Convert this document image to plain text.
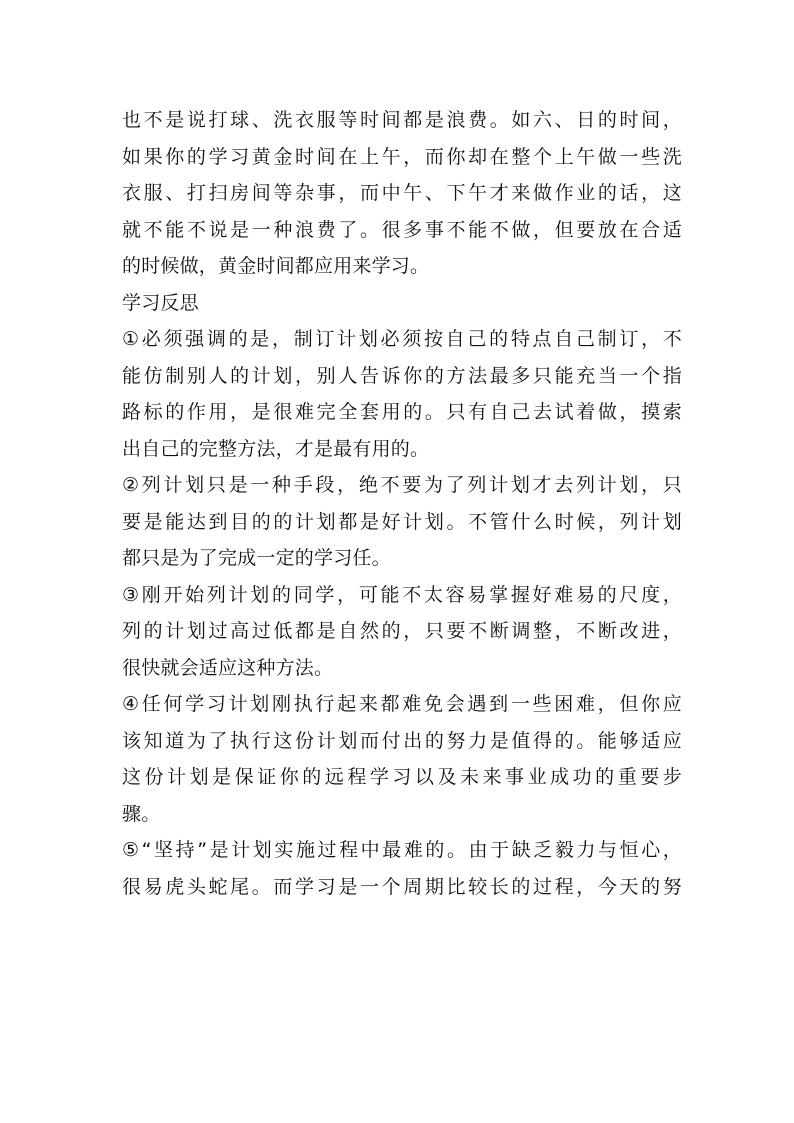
也不是说打球、洗衣服等时间都是浪费。如六、日的时间，
如果你的学习黄金时间在上午，而你却在整个上午做一些洗
衣服、打扫房间等杂事，而中午、下午才来做作业的话，这
就不能不说是一种浪费了。很多事不能不做，但要放在合适
的时候做，黄金时间都应用来学习。
学习反思
①必须强调的是，制订计划必须按自己的特点自己制订，不
能仿制别人的计划，别人告诉你的方法最多只能充当一个指
路标的作用，是很难完全套用的。只有自己去试着做，摸索
出自己的完整方法，才是最有用的。
②列计划只是一种手段，绝不要为了列计划才去列计划，只
要是能达到目的的计划都是好计划。不管什么时候，列计划
都只是为了完成一定的学习任。
③刚开始列计划的同学，可能不太容易掌握好难易的尺度，
列的计划过高过低都是自然的，只要不断调整，不断改进，
很快就会适应这种方法。
④任何学习计划刚执行起来都难免会遇到一些困难，但你应
该知道为了执行这份计划而付出的努力是值得的。能够适应
这份计划是保证你的远程学习以及未来事业成功的重要步
骤。
⑤“坚持”是计划实施过程中最难的。由于缺乏毅力与恒心，
很易虎头蛇尾。而学习是一个周期比较长的过程，今天的努
